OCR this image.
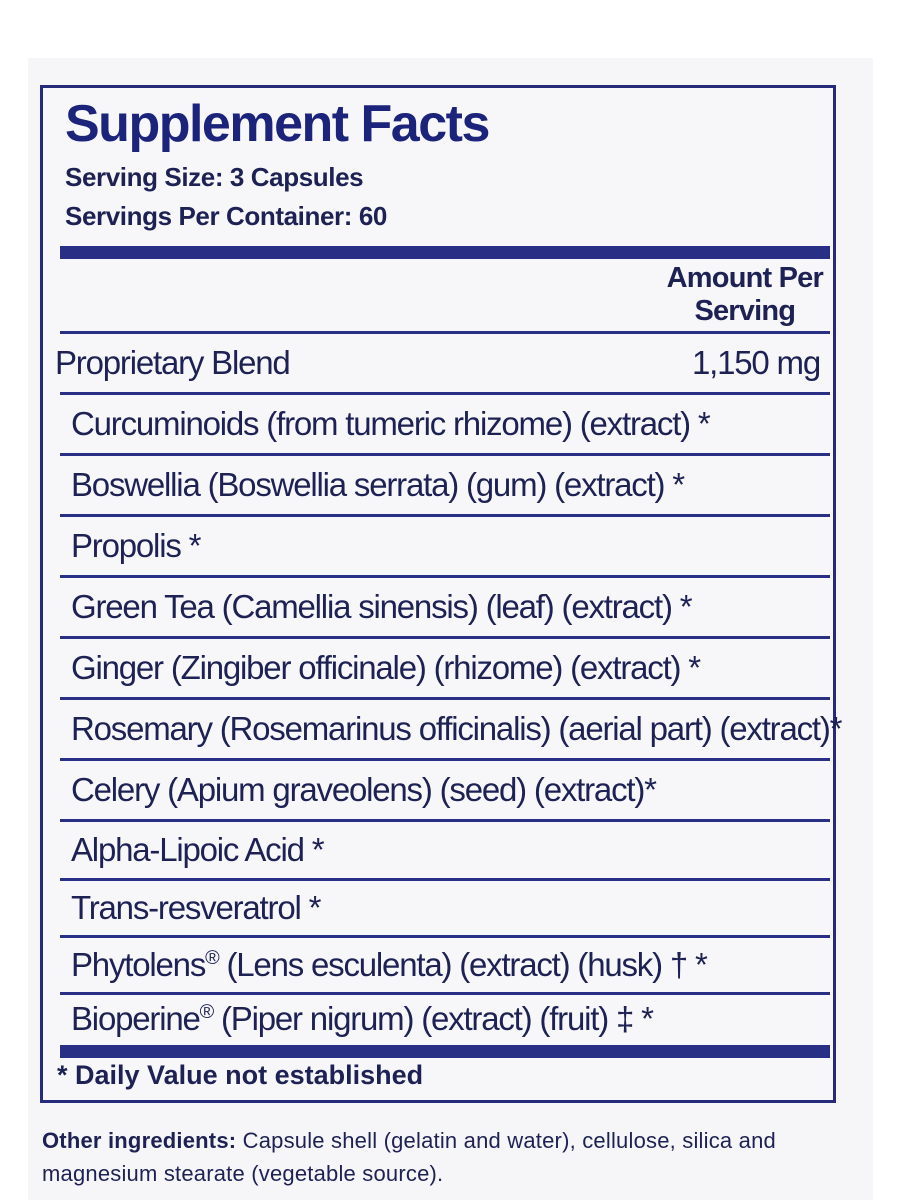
Supplement Facts
Serving Size: 3 Capsules
Servings Per Container: 60
Amount Per
Serving
Proprietary Blend	1,150 mg
Curcuminoids (from tumeric rhizome) (extract) *
Boswellia (Boswellia serrata) (gum) (extract) *
Propolis *
Green Tea (Camellia sinensis) (leaf) (extract) *
Ginger (Zingiber officinale) (rhizome) (extract) *
Rosemary (Rosemarinus officinalis) (aerial part) (extract)*
Celery (Apium graveolens) (seed) (extract)*
Alpha-Lipoic Acid *
Trans-resveratrol *
Phytolens® (Lens esculenta) (extract) (husk) † *
Bioperine® (Piper nigrum) (extract) (fruit) ‡ *
* Daily Value not established
Other ingredients: Capsule shell (gelatin and water), cellulose, silica and magnesium stearate (vegetable source).
